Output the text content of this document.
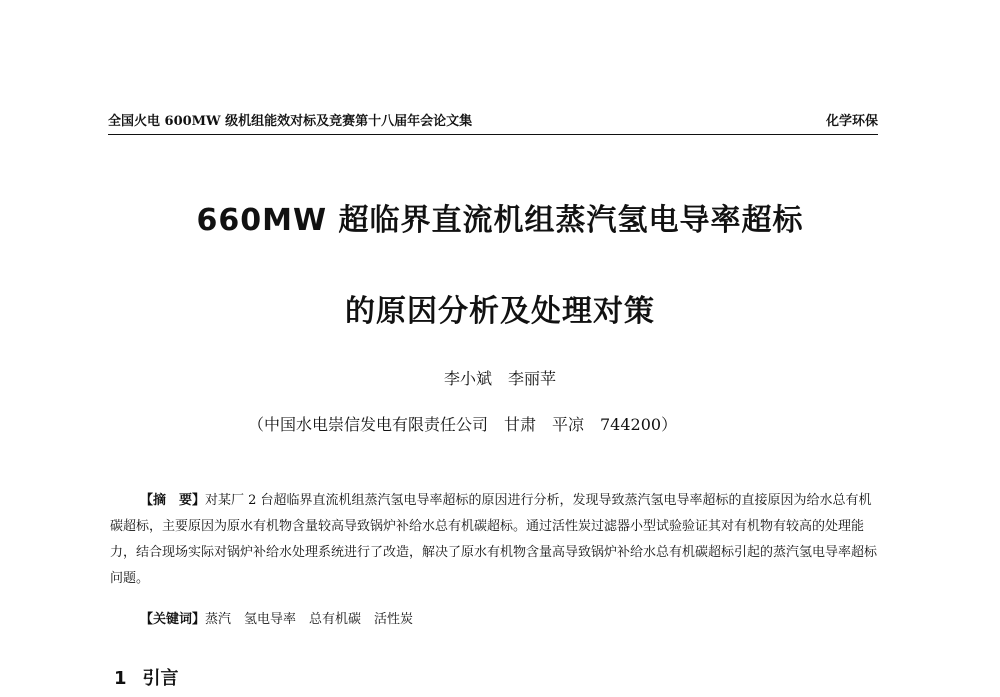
全国火电 600MW 级机组能效对标及竞赛第十八届年会论文集	化学环保
660MW 超临界直流机组蒸汽氢电导率超标
的原因分析及处理对策
李小斌　李丽苹
（中国水电崇信发电有限责任公司　甘肃　平凉　744200）
【摘　要】对某厂 2 台超临界直流机组蒸汽氢电导率超标的原因进行分析，发现导致蒸汽氢电导率超标的直接原因为给水总有机碳超标，主要原因为原水有机物含量较高导致锅炉补给水总有机碳超标。通过活性炭过滤器小型试验验证其对有机物有较高的处理能力，结合现场实际对锅炉补给水处理系统进行了改造，解决了原水有机物含量高导致锅炉补给水总有机碳超标引起的蒸汽氢电导率超标问题。
【关键词】蒸汽　氢电导率　总有机碳　活性炭
1 引言
